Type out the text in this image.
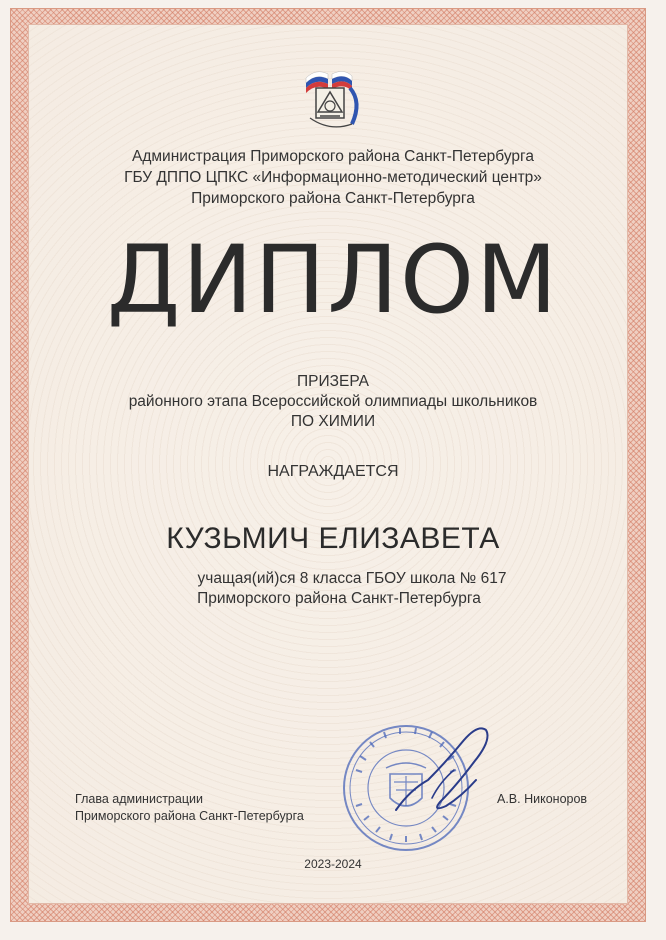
Администрация Приморского района Санкт-Петербурга
ГБУ ДППО ЦПКС «Информационно-методический центр»
Приморского района Санкт-Петербурга
ДИПЛОМ
ПРИЗЕРА
районного этапа Всероссийской олимпиады школьников
ПО ХИМИИ
НАГРАЖДАЕТСЯ
КУЗЬМИЧ ЕЛИЗАВЕТА
учащая(ий)ся 8 класса ГБОУ школа № 617
Приморского района Санкт-Петербурга
Глава администрации
Приморского района Санкт-Петербурга
А.В. Никоноров
2023-2024
